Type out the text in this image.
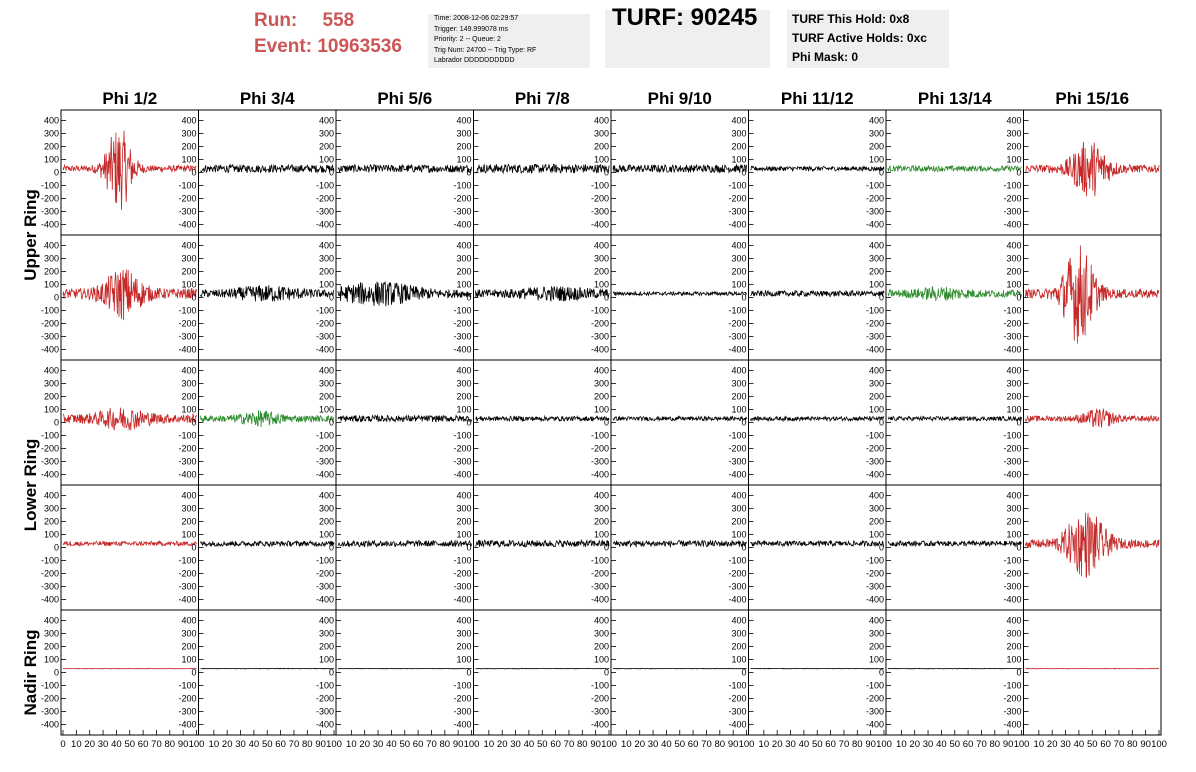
Run: 558
Event: 10963536
Time: 2008-12-06 02:29:57
Trigger: 149.999078 ms
Priority: 2 -- Queue: 2
Trig Num: 24700 -- Trig Type: RF
Labrador DDDDDDDDDD
TURF: 90245	TURF This Hold: 0x8
TURF Active Holds: 0xc
Phi Mask: 0
Phi 1/2	Phi 3/4	Phi 5/6	Phi 7/8	Phi 9/10	Phi 11/12	Phi 13/14	Phi 15/16
Upper Ring
Lower Ring
Nadir Ring
400
300
200
100
0
-100
-200
-300
-400
400
300
200
100
0
-100
-200
-300
-400
400
300
200
100
0
-100
-200
-300
-400
400
300
200
100
0
-100
-200
-300
-400
400
300
200
100
0
-100
-200
-300
-400
400
300
200
100
0
-100
-200
-300
-400
400
300
200
100
0
-100
-200
-300
-400
400
300
200
100
0
-100
-200
-300
-400
400
300
200
100
0
-100
-200
-300
-400
400
300
200
100
0
-100
-200
-300
-400
400
300
200
100
0
-100
-200
-300
-400
400
300
200
100
0
-100
-200
-300
-400
400
300
200
100
0
-100
-200
-300
-400
400
300
200
100
0
-100
-200
-300
-400
400
300
200
100
0
-100
-200
-300
-400
400
300
200
100
0
-100
-200
-300
-400
400
300
200
100
0
-100
-200
-300
-400
400
300
200
100
0
-100
-200
-300
-400
400
300
200
100
0
-100
-200
-300
-400
400
300
200
100
0
-100
-200
-300
-400
400
300
200
100
0
-100
-200
-300
-400
400
300
200
100
0
-100
-200
-300
-400
400
300
200
100
0
-100
-200
-300
-400
400
300
200
100
0
-100
-200
-300
-400
400
300
200
100
0
-100
-200
-300
-400
400
300
200
100
0
-100
-200
-300
-400
400
300
200
100
0
-100
-200
-300
-400
400
300
200
100
0
-100
-200
-300
-400
400
300
200
100
0
-100
-200
-300
-400
400
300
200
100
0
-100
-200
-300
-400
400
300
200
100
0
-100
-200
-300
-400
400
300
200
100
0
-100
-200
-300
-400
400
300
200
100
0
-100
-200
-300
-400
400
300
200
100
0
-100
-200
-300
-400
400
300
200
100
0
-100
-200
-300
-400
400
300
200
100
0
-100
-200
-300
-400
400
300
200
100
0
-100
-200
-300
-400
400
300
200
100
0
-100
-200
-300
-400
400
300
200
100
0
-100
-200
-300
-400
400
300
200
100
0
-100
-200
-300
-400
0 10 20 30 40 50 60 70 80 90 100 10 20 30 40 50 60 70 80 90 100 10 20 30 40 50 60 70 80 90 100 10 20 30 40 50 60 70 80 90 100 10 20 30 40 50 60 70 80 90 100 10 20 30 40 50 60 70 80 90 100 10 20 30 40 50 60 70 80 90 100 10 20 30 40 50 60 70 80 90 100
